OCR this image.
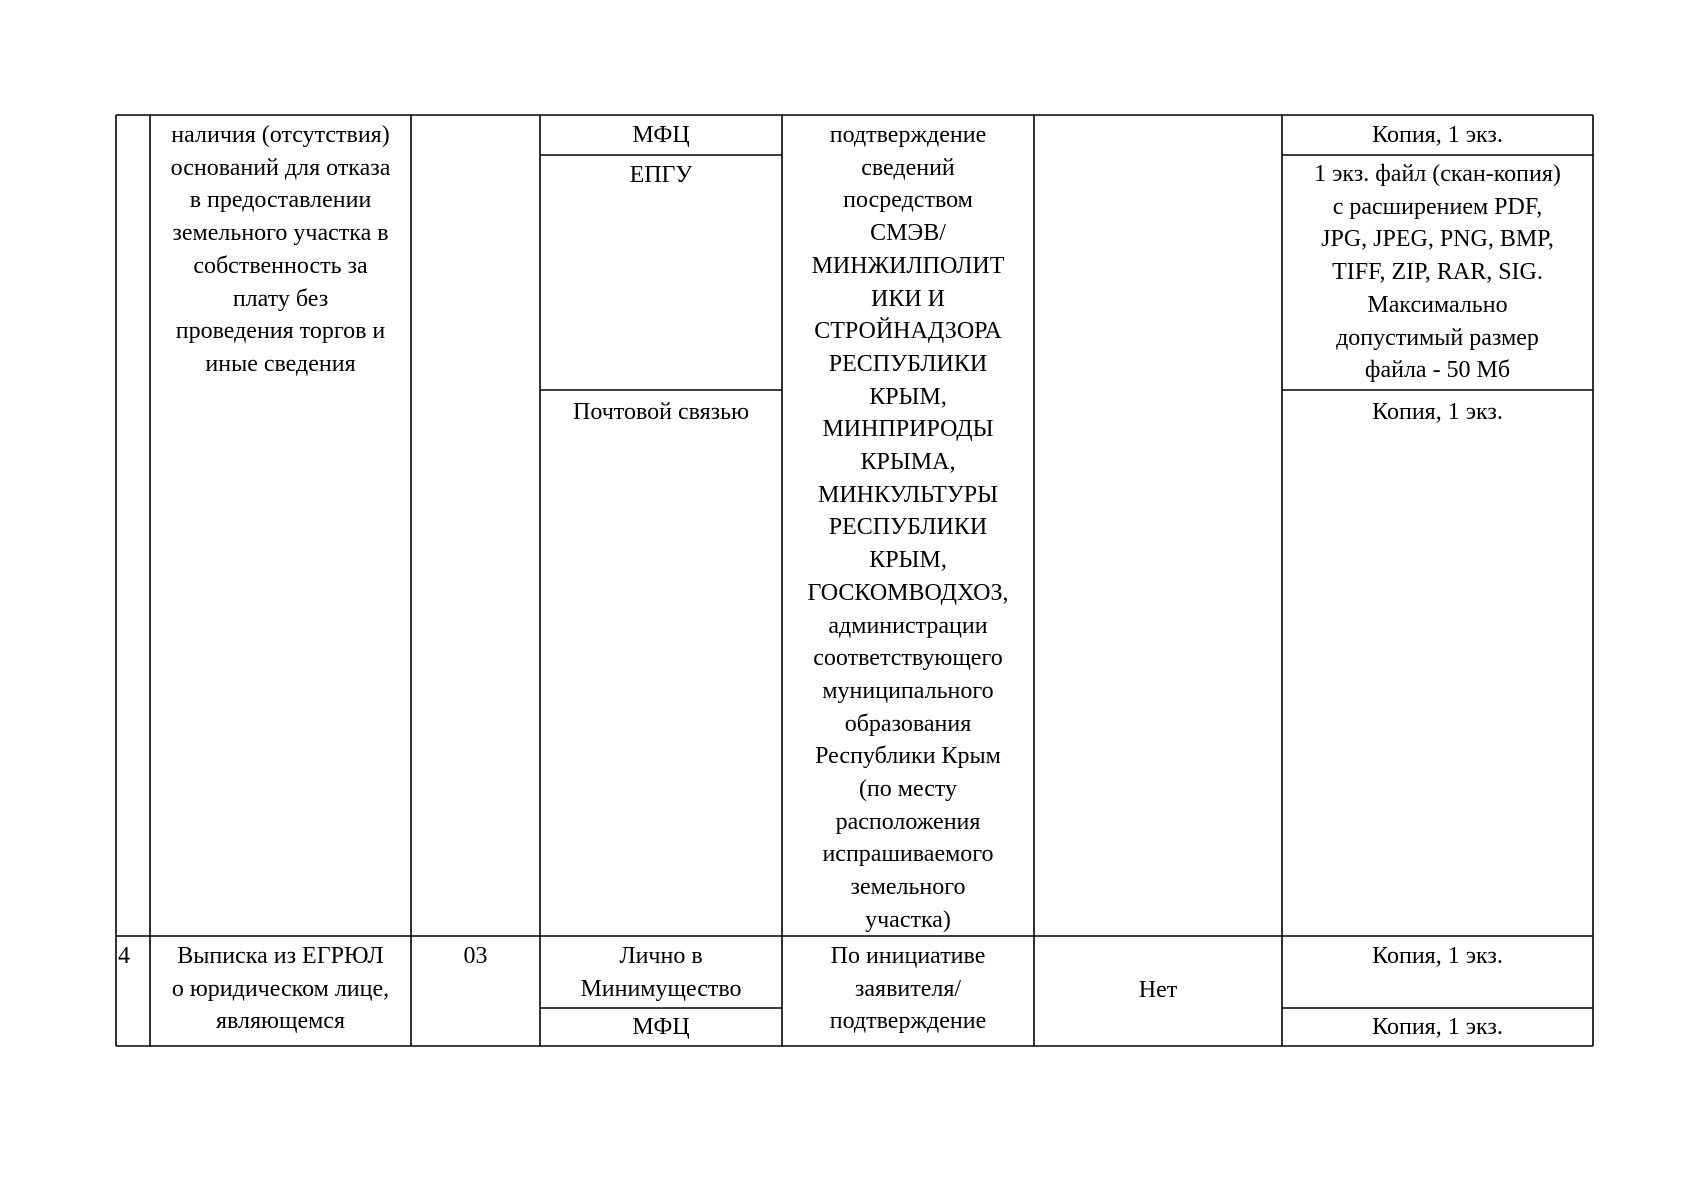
наличия (отсутствия)
оснований для отказа
в предоставлении
земельного участка в
собственность за
плату без
проведения торгов и
иные сведения
МФЦ
ЕПГУ
Почтовой связью
подтверждение
сведений
посредством
СМЭВ/
МИНЖИЛПОЛИТ
ИКИ И
СТРОЙНАДЗОРА
РЕСПУБЛИКИ
КРЫМ,
МИНПРИРОДЫ
КРЫМА,
МИНКУЛЬТУРЫ
РЕСПУБЛИКИ
КРЫМ,
ГОСКОМВОДХОЗ,
администрации
соответствующего
муниципального
образования
Республики Крым
(по месту
расположения
испрашиваемого
земельного
участка)
Копия, 1 экз.
1 экз. файл (скан-копия)
с расширением PDF,
JPG, JPEG, PNG, BMP,
TIFF, ZIP, RAR, SIG.
Максимально
допустимый размер
файла - 50 Мб
Копия, 1 экз.
4	Выписка из ЕГРЮЛ
о юридическом лице,
являющемся
03	Лично в
Минимущество
МФЦ
По инициативе
заявителя/
подтверждение
Нет
Копия, 1 экз.
Копия, 1 экз.
